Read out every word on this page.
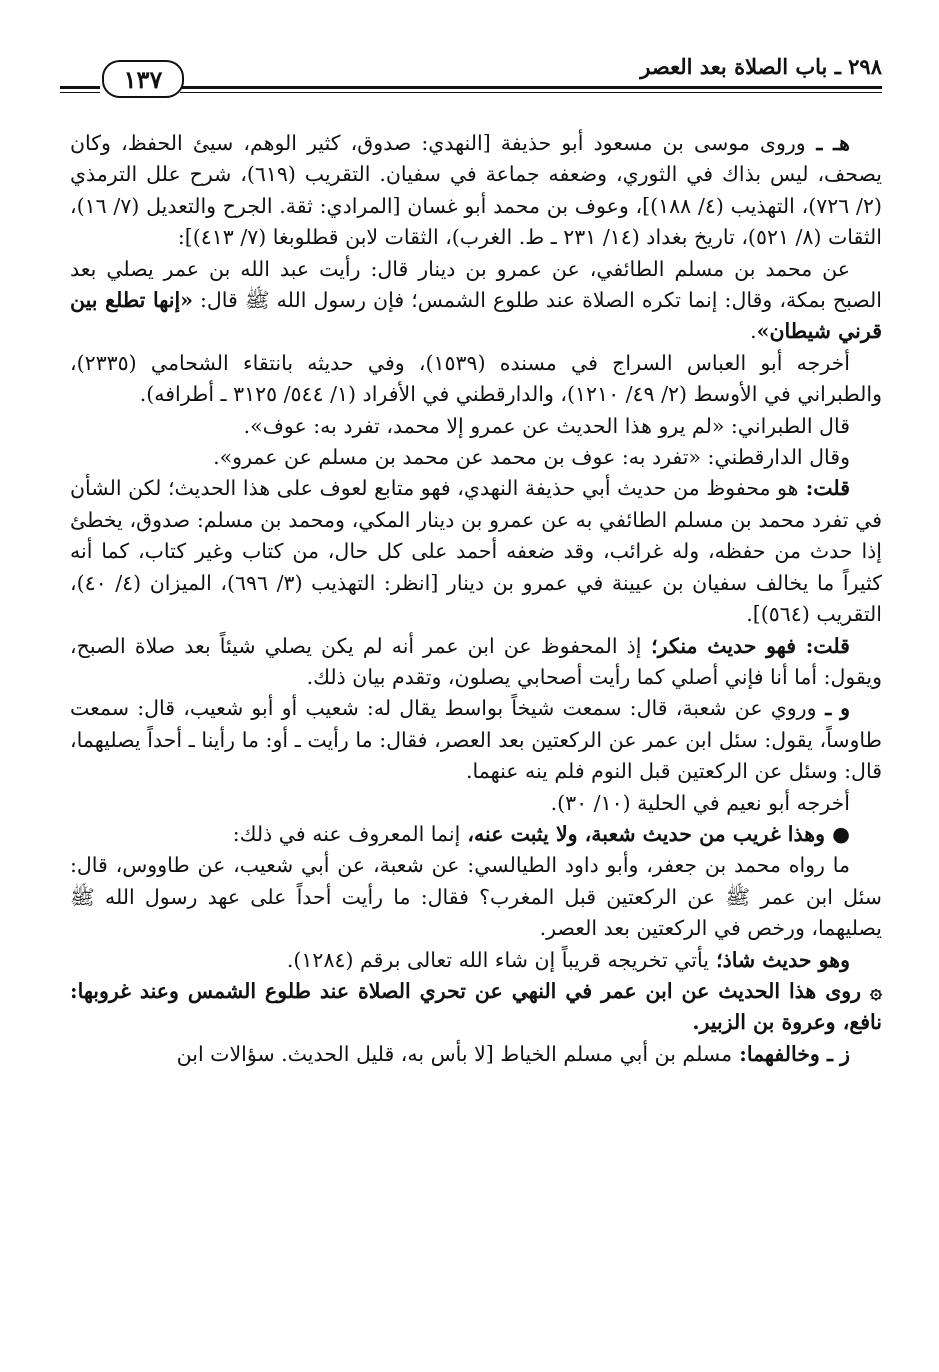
١٣٧	٢٩٨ ـ باب الصلاة بعد العصر

هـ ـ وروى موسى بن مسعود أبو حذيفة [النهدي: صدوق، كثير الوهم، سيئ الحفظ، وكان يصحف، ليس بذاك في الثوري، وضعفه جماعة في سفيان. التقريب (٦١٩)، شرح علل الترمذي (٢/ ٧٢٦)، التهذيب (٤/ ١٨٨)]، وعوف بن محمد أبو غسان [المرادي: ثقة. الجرح والتعديل (٧/ ١٦)، الثقات (٨/ ٥٢١)، تاريخ بغداد (١٤/ ٢٣١ ـ ط. الغرب)، الثقات لابن قطلوبغا (٧/ ٤١٣)]:

عن محمد بن مسلم الطائفي، عن عمرو بن دينار قال: رأيت عبد الله بن عمر يصلي بعد الصبح بمكة، وقال: إنما تكره الصلاة عند طلوع الشمس؛ فإن رسول الله ﷺ قال: «إنها تطلع بين قرني شيطان».

أخرجه أبو العباس السراج في مسنده (١٥٣٩)، وفي حديثه بانتقاء الشحامي (٢٣٣٥)، والطبراني في الأوسط (٢/ ٤٩/ ١٢١٠)، والدارقطني في الأفراد (١/ ٥٤٤/ ٣١٢٥ ـ أطرافه).

قال الطبراني: «لم يرو هذا الحديث عن عمرو إلا محمد، تفرد به: عوف».

وقال الدارقطني: «تفرد به: عوف بن محمد عن محمد بن مسلم عن عمرو».

قلت: هو محفوظ من حديث أبي حذيفة النهدي، فهو متابع لعوف على هذا الحديث؛ لكن الشأن في تفرد محمد بن مسلم الطائفي به عن عمرو بن دينار المكي، ومحمد بن مسلم: صدوق، يخطئ إذا حدث من حفظه، وله غرائب، وقد ضعفه أحمد على كل حال، من كتاب وغير كتاب، كما أنه كثيراً ما يخالف سفيان بن عيينة في عمرو بن دينار [انظر: التهذيب (٣/ ٦٩٦)، الميزان (٤/ ٤٠)، التقريب (٥٦٤)].

قلت: فهو حديث منكر؛ إذ المحفوظ عن ابن عمر أنه لم يكن يصلي شيئاً بعد صلاة الصبح، ويقول: أما أنا فإني أصلي كما رأيت أصحابي يصلون، وتقدم بيان ذلك.

و ـ وروي عن شعبة، قال: سمعت شيخاً بواسط يقال له: شعيب أو أبو شعيب، قال: سمعت طاوساً، يقول: سئل ابن عمر عن الركعتين بعد العصر، فقال: ما رأيت ـ أو: ما رأينا ـ أحداً يصليهما، قال: وسئل عن الركعتين قبل النوم فلم ينه عنهما.

أخرجه أبو نعيم في الحلية (١٠/ ٣٠).

● وهذا غريب من حديث شعبة، ولا يثبت عنه، إنما المعروف عنه في ذلك:

ما رواه محمد بن جعفر، وأبو داود الطيالسي: عن شعبة، عن أبي شعيب، عن طاووس، قال: سئل ابن عمر ﷺ عن الركعتين قبل المغرب؟ فقال: ما رأيت أحداً على عهد رسول الله ﷺ يصليهما، ورخص في الركعتين بعد العصر.

وهو حديث شاذ؛ يأتي تخريجه قريباً إن شاء الله تعالى برقم (١٢٨٤).

۞ روى هذا الحديث عن ابن عمر في النهي عن تحري الصلاة عند طلوع الشمس وعند غروبها: نافع، وعروة بن الزبير.

ز ـ وخالفهما: مسلم بن أبي مسلم الخياط [لا بأس به، قليل الحديث. سؤالات ابن
